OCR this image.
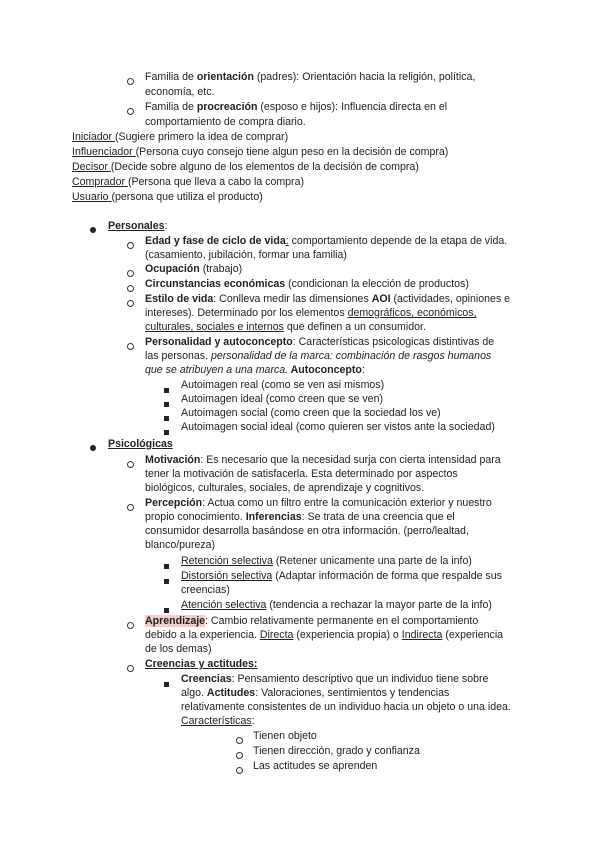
Familia de orientación (padres): Orientación hacia la religión, política,
economía, etc.
Familia de procreación (esposo e hijos): Influencia directa en el
comportamiento de compra diario.
Iniciador (Sugiere primero la idea de comprar)
Influenciador (Persona cuyo consejo tiene algun peso en la decisión de compra)
Decisor (Decide sobre alguno de los elementos de la decisión de compra)
Comprador (Persona que lleva a cabo la compra)
Usuario (persona que utiliza el producto)
Personales:
Edad y fase de ciclo de vida: comportamiento depende de la etapa de vida.
(casamiento, jubilación, formar una familia)
Ocupación (trabajo)
Circunstancias económicas (condicionan la elección de productos)
Estilo de vida: Conlleva medir las dimensiones AOI (actividades, opiniones e
intereses). Determinado por los elementos demográficos, económicos,
culturales, sociales e internos que definen a un consumidor.
Personalidad y autoconcepto: Características psicologicas distintivas de
las personas. personalidad de la marca: combinación de rasgos humanos
que se atribuyen a una marca. Autoconcepto:
Autoimagen real (como se ven asi mismos)
Autoimagen ideal (como creen que se ven)
Autoimagen social (como creen que la sociedad los ve)
Autoimagen social ideal (como quieren ser vistos ante la sociedad)
Psicológicas
Motivación: Es necesario que la necesidad surja con cierta intensidad para
tener la motivación de satisfacerla. Esta determinado por aspectos
biológicos, culturales, sociales, de aprendizaje y cognitivos.
Percepción: Actua como un filtro entre la comunicación exterior y nuestro
propio conocimiento. Inferencias: Se trata de una creencia que el
consumidor desarrolla basándose en otra información. (perro/lealtad,
blanco/pureza)
Retención selectiva (Retener unicamente una parte de la info)
Distorsión selectiva (Adaptar información de forma que respalde sus
creencias)
Atención selectiva (tendencia a rechazar la mayor parte de la info)
Aprendizaje: Cambio relativamente permanente en el comportamiento
debido a la experiencia. Directa (experiencia propia) o Indirecta (experiencia
de los demas)
Creencias y actitudes:
Creencias: Pensamiento descriptivo que un individuo tiene sobre
algo. Actitudes: Valoraciones, sentimientos y tendencias
relativamente consistentes de un individuo hacia un objeto o una idea.
Características:
Tienen objeto
Tienen dirección, grado y confianza
Las actitudes se aprenden
